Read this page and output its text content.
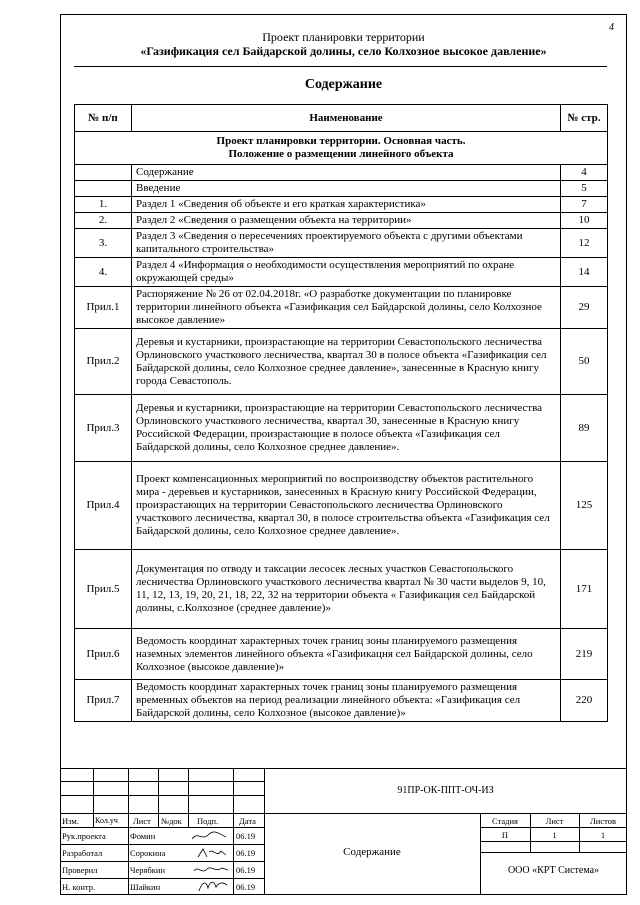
4
Проект планировки территории
«Газификация сел Байдарской долины, село Колхозное высокое давление»
Содержание
№ п/п	Наименование	№ стр.
Проект планировки территории. Основная часть.
Положение о размещении линейного объекта		
	Содержание	4
	Введение	5
1.	Раздел 1 «Сведения об объекте и его краткая характеристика»	7
2.	Раздел 2 «Сведения о размещении объекта на территории»	10
3.	Раздел 3 «Сведения о пересечениях проектируемого объекта с другими объектами капитального строительства»	12
4.	Раздел 4 «Информация о необходимости осуществления мероприятий по охране окружающей среды»	14
Прил.1	Распоряжение № 26 от 02.04.2018г. «О разработке документации по планировке территории линейного объекта «Газификация сел Байдарской долины, село Колхозное высокое давление»	29
Прил.2	Деревья и кустарники, произрастающие на территории Севастопольского лесничества Орлиновского участкового лесничества, квартал 30 в полосе объекта «Газификация сел Байдарской долины, село Колхозное среднее давление», занесенные в Красную книгу города Севастополь.	50
Прил.3	Деревья и кустарники, произрастающие на территории Севастопольского лесничества Орлиновского участкового лесничества, квартал 30, занесенные в Красную книгу Российской Федерации, произрастающие в полосе объекта «Газификация сел Байдарской долины, село Колхозное среднее давление».	89
Прил.4	Проект компенсационных мероприятий по воспроизводству объектов растительного мира - деревьев и кустарников, занесенных в Красную книгу Российской Федерации, произрастающих на территории Севастопольского лесничества Орлиновского участкового лесничества, квартал 30, в полосе строительства объекта «Газификация сел Байдарской долины, село Колхозное среднее давление».	125
Прил.5	Документация по отводу и таксации лесосек лесных участков Севастопольского лесничества Орлиновского участкового лесничества квартал № 30 части выделов 9, 10, 11, 12, 13, 19, 20, 21, 18, 22, 32 на территории объекта « Газификация сел Байдарской долины, с.Колхозное (среднее давление)»	171
Прил.6	Ведомость координат характерных точек границ зоны планируемого размещения наземных элементов линейного объекта «Газификацня сел Байдарской долины, село Колхозное (высокое давление)»	219
Прил.7	Ведомость координат характерных точек границ зоны планируемого размещения временных объектов на период реализации линейного объекта: «Газификация сел Байдарской долины, село Колхозное (высокое давление)»	220
Изм. Кол.уч Лист №док Подп. Дата
Рук.проекта	Фомин	06.19
Разработал	Сорокина	06.19
Проверил	Черябкин	06.19
Н. контр.	Шайкин	06.19
91ПР-ОК-ППТ-ОЧ-ИЗ
Содержание
Стадия	Лист	Листов
П	1	1
ООО «КРТ Система»
